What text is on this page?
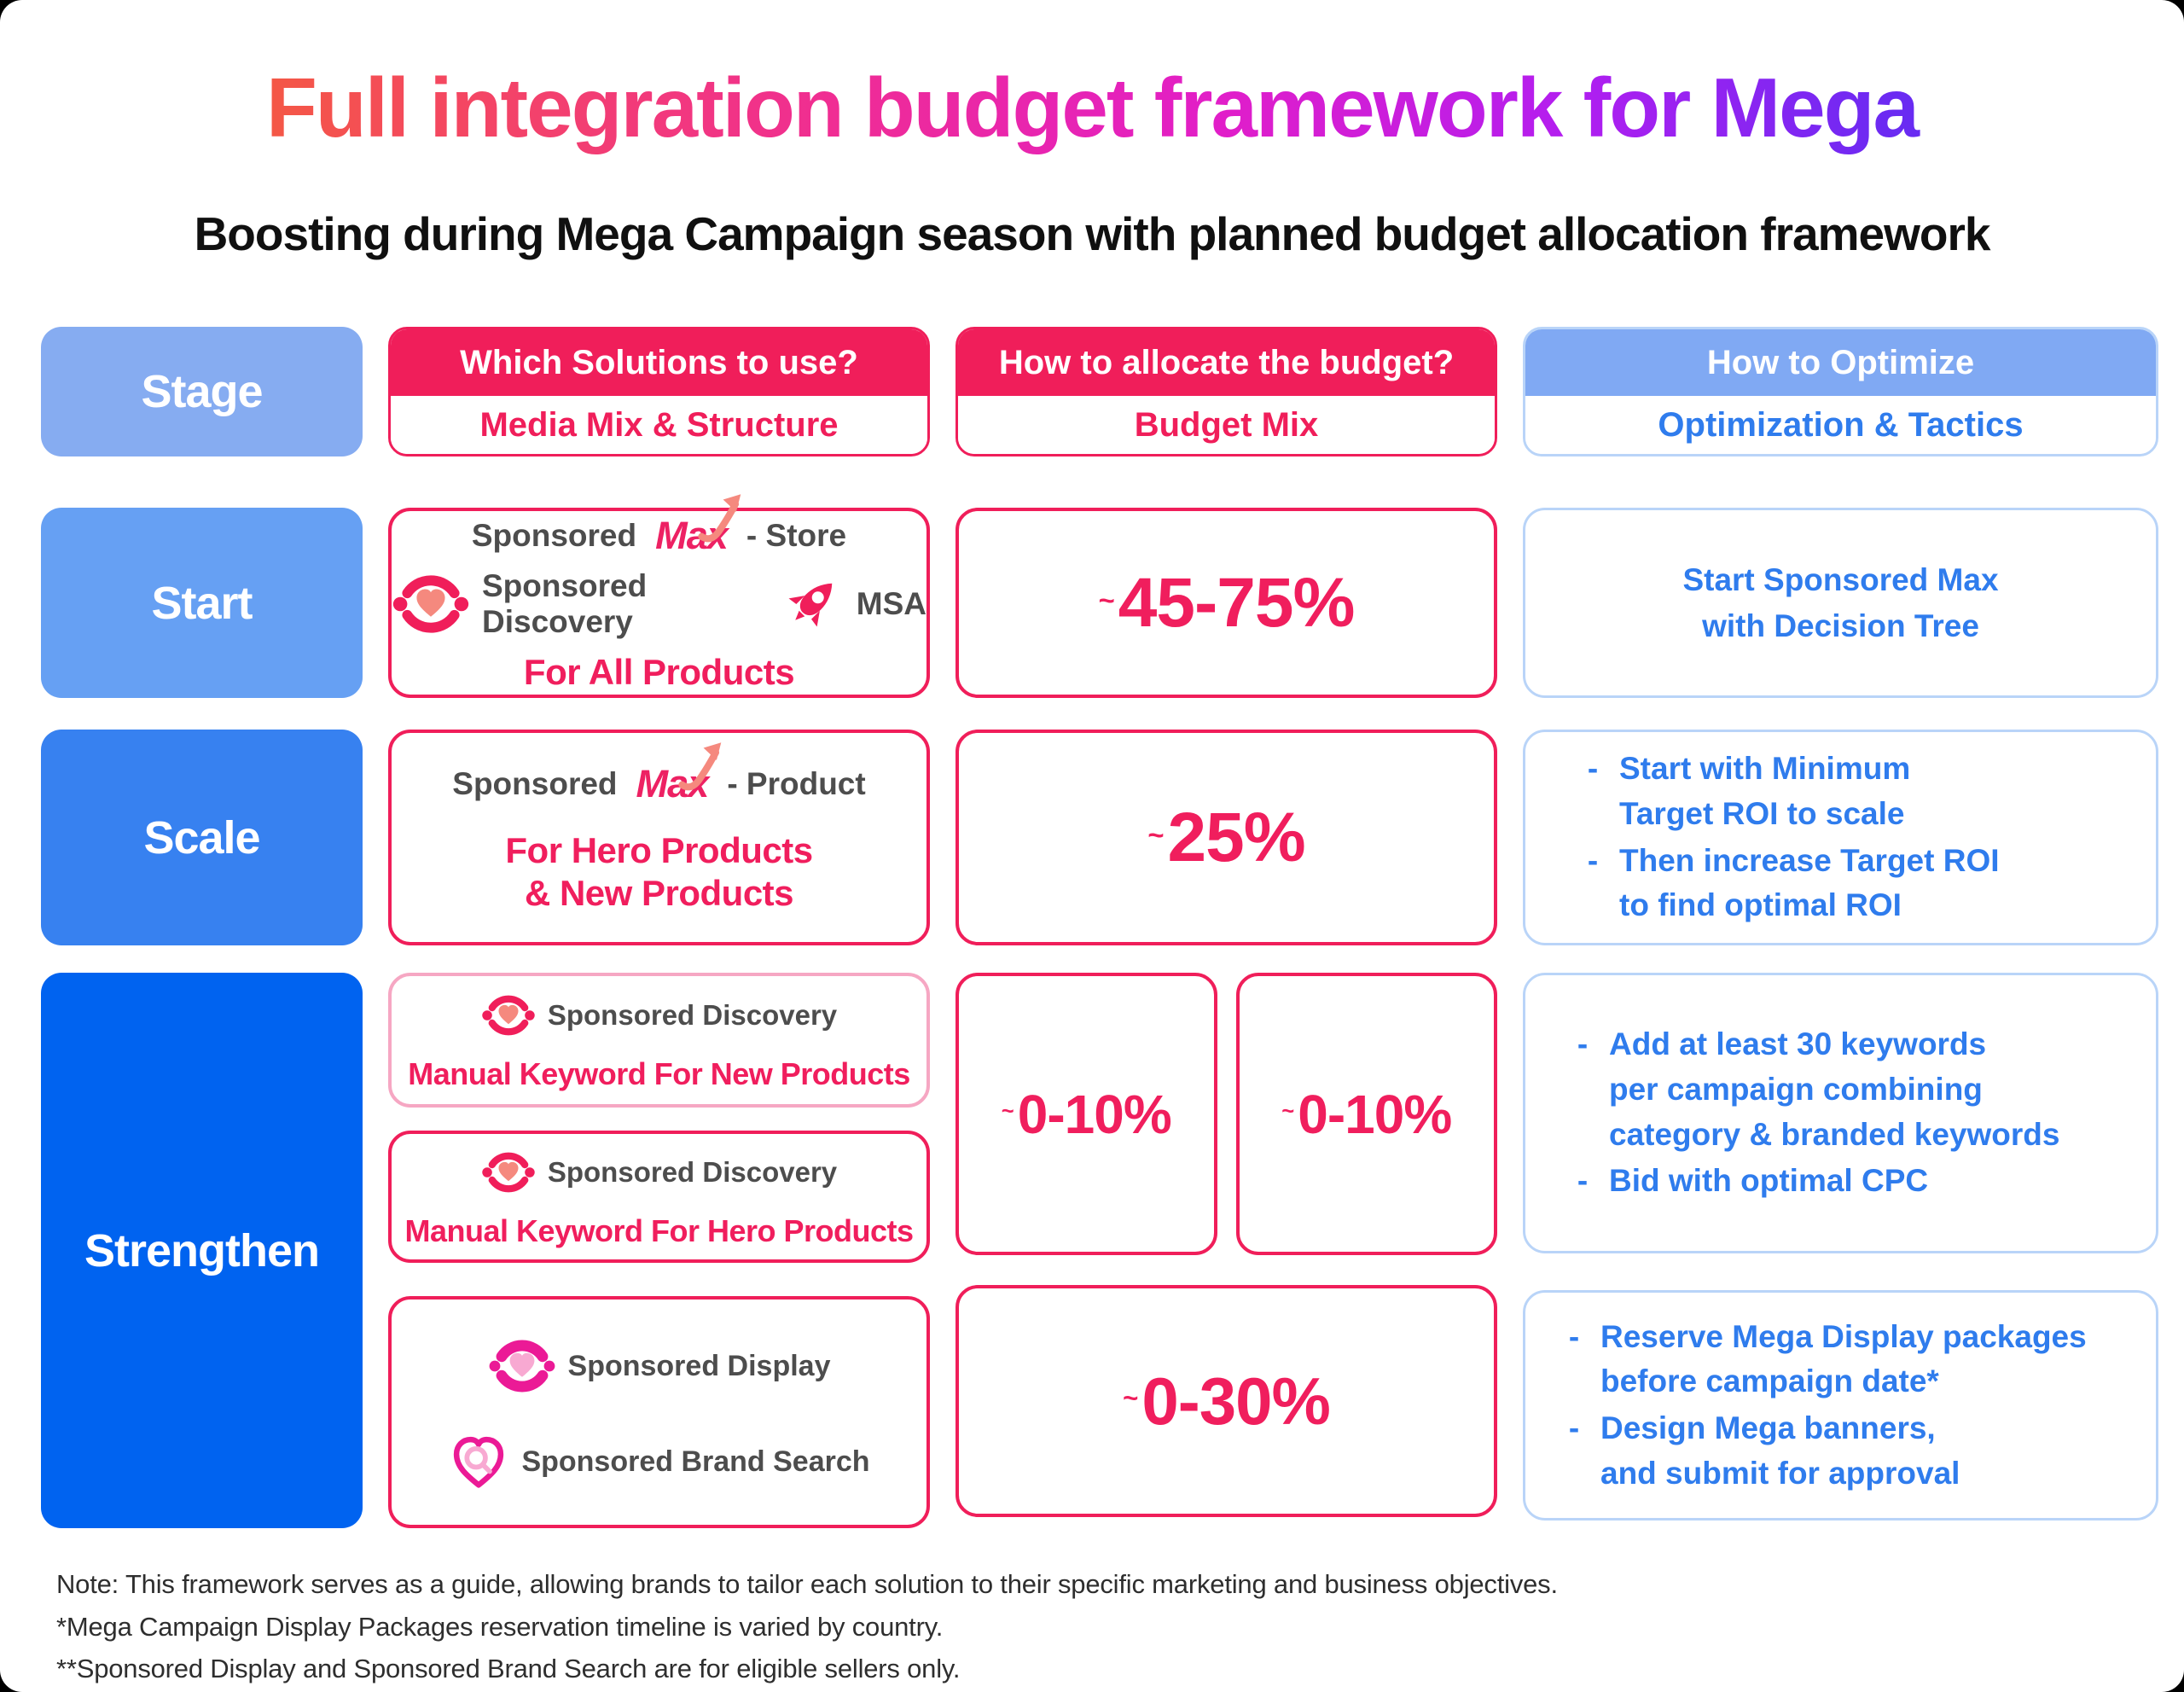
Full integration budget framework for Mega
Boosting during Mega Campaign season with planned budget allocation framework
Stage
Which Solutions to use?
Media Mix & Structure
How to allocate the budget?
Budget Mix
How to Optimize
Optimization & Tactics
Start
Sponsored Max - Store
Sponsored Discovery
MSA
For All Products
~ 45-75%	Start Sponsored Max
with Decision Tree
Scale
Sponsored Max - Product
For Hero Products
& New Products
~ 25%
- Start with Minimum
Target ROI to scale
- Then increase Target ROI
to find optimal ROI
Strengthen
Sponsored Discovery
Manual Keyword For New Products
Sponsored Discovery
Manual Keyword For Hero Products
Sponsored Display
Sponsored Brand Search
~ 0-10%	~ 0-10%
~ 0-30%
- Add at least 30 keywords
per campaign combining
category & branded keywords
- Bid with optimal CPC
- Reserve Mega Display packages
before campaign date*
- Design Mega banners,
and submit for approval
Note: This framework serves as a guide, allowing brands to tailor each solution to their specific marketing and business objectives.
*Mega Campaign Display Packages reservation timeline is varied by country.
**Sponsored Display and Sponsored Brand Search are for eligible sellers only.
